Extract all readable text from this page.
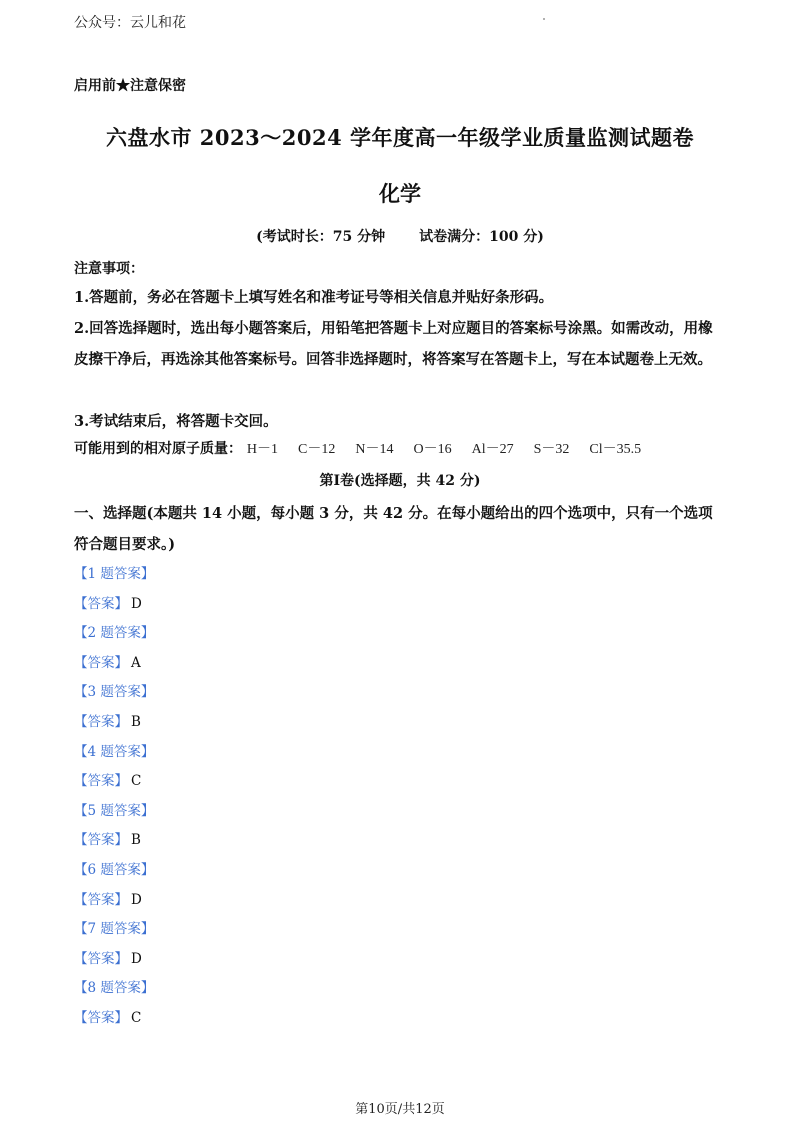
公众号：云儿和花
启用前★注意保密
六盘水市 2023～2024 学年度高一年级学业质量监测试题卷
化学
(考试时长：75 分钟 试卷满分：100 分)
注意事项：
1.答题前，务必在答题卡上填写姓名和准考证号等相关信息并贴好条形码。
2.回答选择题时，选出每小题答案后，用铅笔把答题卡上对应题目的答案标号涂黑。如需改动，用橡皮擦干净后，再选涂其他答案标号。回答非选择题时，将答案写在答题卡上，写在本试题卷上无效。
3.考试结束后，将答题卡交回。
可能用到的相对原子质量： H－1 C－12 N－14 O－16 Al－27 S－32 Cl－35.5
第Ⅰ卷(选择题，共 42 分)
一、选择题(本题共 14 小题，每小题 3 分，共 42 分。在每小题给出的四个选项中，只有一个选项符合题目要求。)
【1 题答案】
【答案】 D
【2 题答案】
【答案】 A
【3 题答案】
【答案】 B
【4 题答案】
【答案】 C
【5 题答案】
【答案】 B
【6 题答案】
【答案】 D
【7 题答案】
【答案】 D
【8 题答案】
【答案】 C
第10页/共12页
